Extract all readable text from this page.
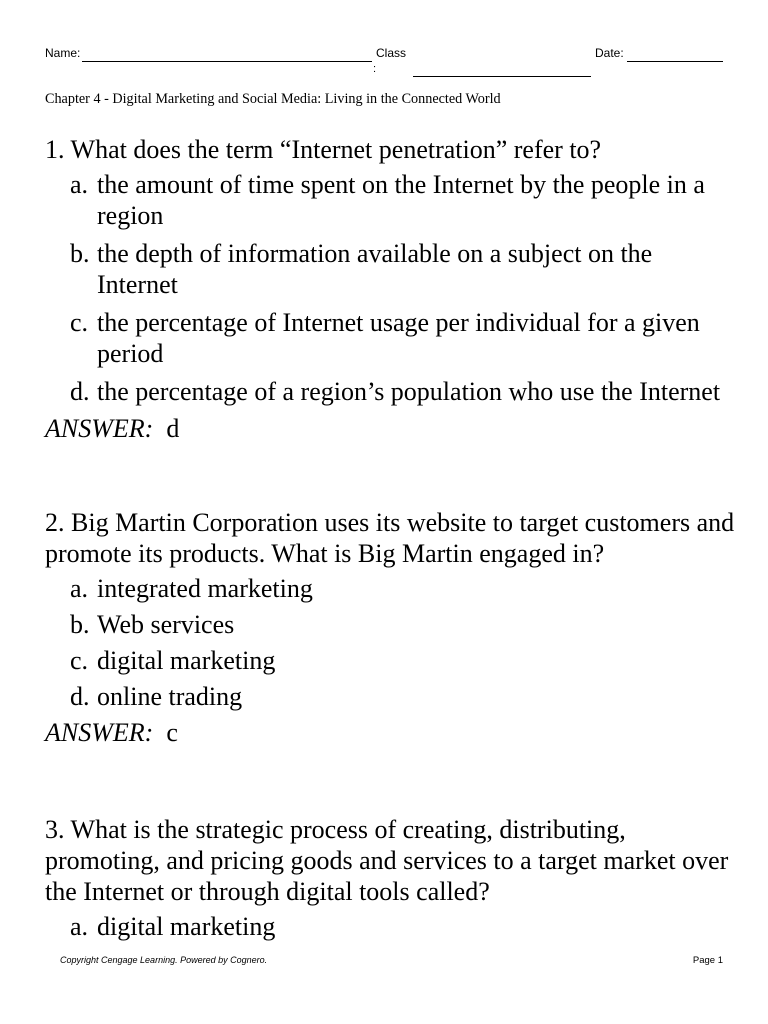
Name:	Class
:
Date:
Chapter 4 - Digital Marketing and Social Media: Living in the Connected World

1. What does the term “Internet penetration” refer to?

a. the amount of time spent on the Internet by the people in a region
b. the depth of information available on a subject on the Internet
c. the percentage of Internet usage per individual for a given period
d. the percentage of a region’s population who use the Internet

ANSWER: d

2. Big Martin Corporation uses its website to target customers and promote its products. What is Big Martin engaged in?

a. integrated marketing
b. Web services
c. digital marketing
d. online trading

ANSWER: c

3. What is the strategic process of creating, distributing, promoting, and pricing goods and services to a target market over the Internet or through digital tools called?

a. digital marketing
Copyright Cengage Learning. Powered by Cognero.	Page 1
